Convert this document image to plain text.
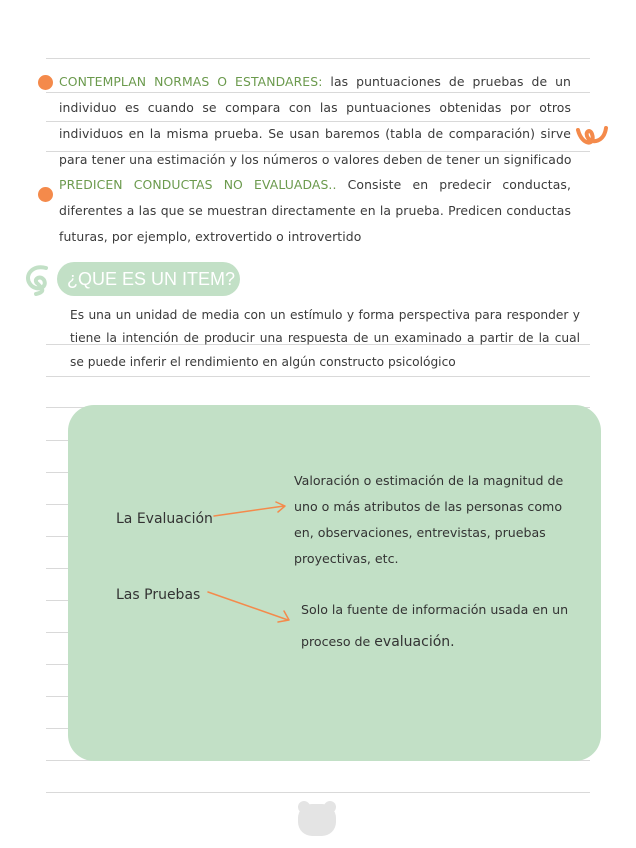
CONTEMPLAN NORMAS O ESTANDARES: las puntuaciones de pruebas de un
individuo es cuando se compara con las puntuaciones obtenidas por otros
individuos en la misma prueba. Se usan baremos (tabla de comparación) sirve
para tener una estimación y los números o valores deben de tener un significado
PREDICEN CONDUCTAS NO EVALUADAS.. Consiste en predecir conductas,
diferentes a las que se muestran directamente en la prueba. Predicen conductas
futuras, por ejemplo, extrovertido o introvertido
¿QUE ES UN ITEM?
Es una un unidad de media con un estímulo y forma perspectiva para responder y
tiene la intención de producir una respuesta de un examinado a partir de la cual
se puede inferir el rendimiento en algún constructo psicológico
La Evaluación
Valoración o estimación de la magnitud de
uno o más atributos de las personas como
en, observaciones, entrevistas, pruebas
proyectivas, etc.
Las Pruebas
Solo la fuente de información usada en un
proceso de evaluación.
